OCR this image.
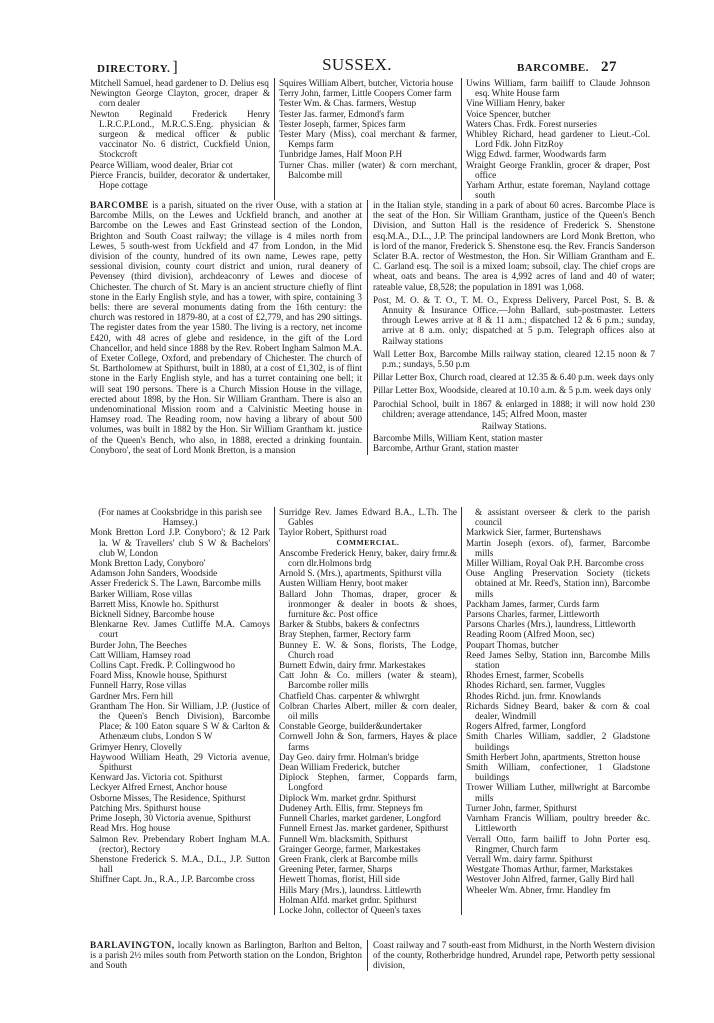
DIRECTORY. ]	SUSSEX.	BARCOMBE. 27
Mitchell Samuel, head gardener to D. Delius esq
Newington George Clayton, grocer, draper & corn dealer
Newton Reginald Frederick Henry L.R.C.P.Lond., M.R.C.S.Eng. physician & surgeon & medical officer & public vaccinator No. 6 district, Cuckfield Union, Stockcroft
Pearce William, wood dealer, Briar cot
Pierce Francis, builder, decorator & undertaker, Hope cottage
Squires William Albert, butcher, Victoria house
Terry John, farmer, Little Coopers Comer farm
Tester Wm. & Chas. farmers, Westup
Tester Jas. farmer, Edmond's farm
Tester Joseph, farmer, Spices farm
Tester Mary (Miss), coal merchant & farmer, Kemps farm
Tunbridge James, Half Moon P.H
Turner Chas. miller (water) & corn merchant, Balcombe mill
Uwins William, farm bailiff to Claude Johnson esq. White House farm
Vine William Henry, baker
Voice Spencer, butcher
Waters Chas. Frdk. Forest nurseries
Whibley Richard, head gardener to Lieut.-Col. Lord Fdk. John FitzRoy
Wigg Edwd. farmer, Woodwards farm
Wraight George Franklin, grocer & draper, Post office
Yarham Arthur, estate foreman, Nayland cottage south
BARCOMBE is a parish, situated on the river Ouse, with a station at Barcombe Mills, on the Lewes and Uckfield branch, and another at Barcombe on the Lewes and East Grinstead section of the London, Brighton and South Coast railway; the village is 4 miles north from Lewes, 5 south-west from Uckfield and 47 from London, in the Mid division of the county, hundred of its own name, Lewes rape, petty sessional division, county court district and union, rural deanery of Pevensey (third division), archdeaconry of Lewes and diocese of Chichester. The church of St. Mary is an ancient structure chiefly of flint stone in the Early English style, and has a tower, with spire, containing 3 bells: there are several monuments dating from the 16th century: the church was restored in 1879-80, at a cost of £2,779, and has 290 sittings. The register dates from the year 1580. The living is a rectory, net income £420, with 48 acres of glebe and residence, in the gift of the Lord Chancellor, and held since 1888 by the Rev. Robert Ingham Salmon M.A. of Exeter College, Oxford, and prebendary of Chichester. The church of St. Bartholomew at Spithurst, built in 1880, at a cost of £1,302, is of flint stone in the Early English style, and has a turret containing one bell; it will seat 190 persons. There is a Church Mission House in the village, erected about 1898, by the Hon. Sir William Grantham. There is also an undenominational Mission room and a Calvinistic Meeting house in Hamsey road. The Reading room, now having a library of about 500 volumes, was built in 1882 by the Hon. Sir William Grantham kt. justice of the Queen's Bench, who also, in 1888, erected a drinking fountain. Conyboro', the seat of Lord Monk Bretton, is a mansion
in the Italian style, standing in a park of about 60 acres. Barcombe Place is the seat of the Hon. Sir William Grantham, justice of the Queen's Bench Division, and Sutton Hall is the residence of Frederick S. Shenstone esq.M.A., D.L., J.P. The principal landowners are Lord Monk Bretton, who is lord of the manor, Frederick S. Shenstone esq. the Rev. Francis Sanderson Sclater B.A. rector of Westmeston, the Hon. Sir William Grantham and E. C. Garland esq. The soil is a mixed loam; subsoil, clay. The chief crops are wheat, oats and beans. The area is 4,992 acres of land and 40 of water; rateable value, £8,528; the population in 1891 was 1,068.
Post, M. O. & T. O., T. M. O., Express Delivery, Parcel Post, S. B. & Annuity & Insurance Office.—John Ballard, sub-postmaster. Letters through Lewes arrive at 8 & 11 a.m.; dispatched 12 & 6 p.m.; sunday, arrive at 8 a.m. only; dispatched at 5 p.m. Telegraph offices also at Railway stations
Wall Letter Box, Barcombe Mills railway station, cleared 12.15 noon & 7 p.m.; sundays, 5.50 p.m
Pillar Letter Box, Church road, cleared at 12.35 & 6.40 p.m. week days only
Pillar Letter Box, Woodside, cleared at 10.10 a.m. & 5 p.m. week days only
Parochial School, built in 1867 & enlarged in 1888; it will now hold 230 children; average attendance, 145; Alfred Moon, master
Railway Stations.
Barcombe Mills, William Kent, station master
Barcombe, Arthur Grant, station master
(For names at Cooksbridge in this parish see Hamsey.)
Monk Bretton Lord J.P. Conyboro'; & 12 Park la. W & Travellers' club S W & Bachelors' club W, London
Monk Bretton Lady, Conyboro'
Adamson John Sanders, Woodside
Asser Frederick S. The Lawn, Barcombe mills
Barker William, Rose villas
Barrett Miss, Knowle ho. Spithurst
Bicknell Sidney, Barcombe house
Blenkarne Rev. James Cutliffe M.A. Camoys court
Burder John, The Beeches
Catt William, Hamsey road
Collins Capt. Fredk. P. Collingwood ho
Foard Miss, Knowle house, Spithurst
Funnell Harry, Rose villas
Gardner Mrs. Fern hill
Grantham The Hon. Sir William, J.P. (Justice of the Queen's Bench Division), Barcombe Place; & 100 Eaton square S W & Carlton & Athenæum clubs, London S W
Grimyer Henry, Clovelly
Haywood William Heath, 29 Victoria avenue, Spithurst
Kenward Jas. Victoria cot. Spithurst
Leckyer Alfred Ernest, Anchor house
Osborne Misses, The Residence, Spithurst
Patching Mrs. Spithurst house
Prime Joseph, 30 Victoria avenue, Spithurst
Read Mrs. Hog house
Salmon Rev. Prebendary Robert Ingham M.A. (rector), Rectory
Shenstone Frederick S. M.A., D.L., J.P. Sutton hall
Shiffner Capt. Jn., R.A., J.P. Barcombe cross
Surridge Rev. James Edward B.A., L.Th. The Gables
Taylor Robert, Spithurst road
COMMERCIAL.
Anscombe Frederick Henry, baker, dairy frmr.& corn dlr.Holmons brdg
Arnold S. (Mrs.), apartments, Spithurst villa
Austen William Henry, boot maker
Ballard John Thomas, draper, grocer & ironmonger & dealer in boots & shoes, furniture &c. Post office
Barker & Stubbs, bakers & confectnrs
Bray Stephen, farmer, Rectory farm
Bunney E. W. & Sons, florists, The Lodge, Church road
Burnett Edwin, dairy frmr. Markestakes
Catt John & Co. millers (water & steam), Barcombe roller mills
Chatfield Chas. carpenter & whlwrght
Colbran Charles Albert, miller & corn dealer, oil mills
Constable George, builder&undertaker
Cornwell John & Son, farmers, Hayes & place farms
Day Geo. dairy frmr. Holman's bridge
Dean William Frederick, butcher
Diplock Stephen, farmer, Coppards farm, Longford
Diplock Wm. market grdnr. Spithurst
Dudeney Arth. Ellis, frmr. Stepneys fm
Funnell Charles, market gardener, Longford
Funnell Ernest Jas. market gardener, Spithurst
Funnell Wm. blacksmith, Spithurst
Grainger George, farmer, Markestakes
Green Frank, clerk at Barcombe mills
Greening Peter, farmer, Sharps
Hewett Thomas, florist, Hill side
Hills Mary (Mrs.), laundrss. Littlewrth
Holman Alfd. market grdnr. Spithurst
Locke John, collector of Queen's taxes
& assistant overseer & clerk to the parish council
Markwick Sier, farmer, Burtenshaws
Martin Joseph (exors. of), farmer, Barcombe mills
Miller William, Royal Oak P.H. Barcombe cross
Ouse Angling Preservation Society (tickets obtained at Mr. Reed's, Station inn), Barcombe mills
Packham James, farmer, Curds farm
Parsons Charles, farmer, Littleworth
Parsons Charles (Mrs.), laundress, Littleworth
Reading Room (Alfred Moon, sec)
Poupart Thomas, butcher
Reed James Selby, Station inn, Barcombe Mills station
Rhodes Ernest, farmer, Scobells
Rhodes Richard, sen. farmer, Vuggles
Rhodes Richd. jun. frmr. Knowlands
Richards Sidney Beard, baker & corn & coal dealer, Windmill
Rogers Alfred, farmer, Longford
Smith Charles William, saddler, 2 Gladstone buildings
Smith Herbert John, apartments, Stretton house
Smith William, confectioner, 1 Gladstone buildings
Trower William Luther, millwright at Barcombe mills
Turner John, farmer, Spithurst
Varnham Francis William, poultry breeder &c. Littleworth
Verrall Otto, farm bailiff to John Porter esq. Ringmer, Church farm
Verrall Wm. dairy farmr. Spithurst
Westgate Thomas Arthur, farmer, Markstakes
Westover John Alfred, farmer, Gally Bird hall
Wheeler Wm. Abner, frmr. Handley fm
BARLAVINGTON, locally known as Barlington, Barlton and Belton, is a parish 2½ miles south from Petworth station on the London, Brighton and South
Coast railway and 7 south-east from Midhurst, in the North Western division of the county, Rotherbridge hundred, Arundel rape, Petworth petty sessional division,
